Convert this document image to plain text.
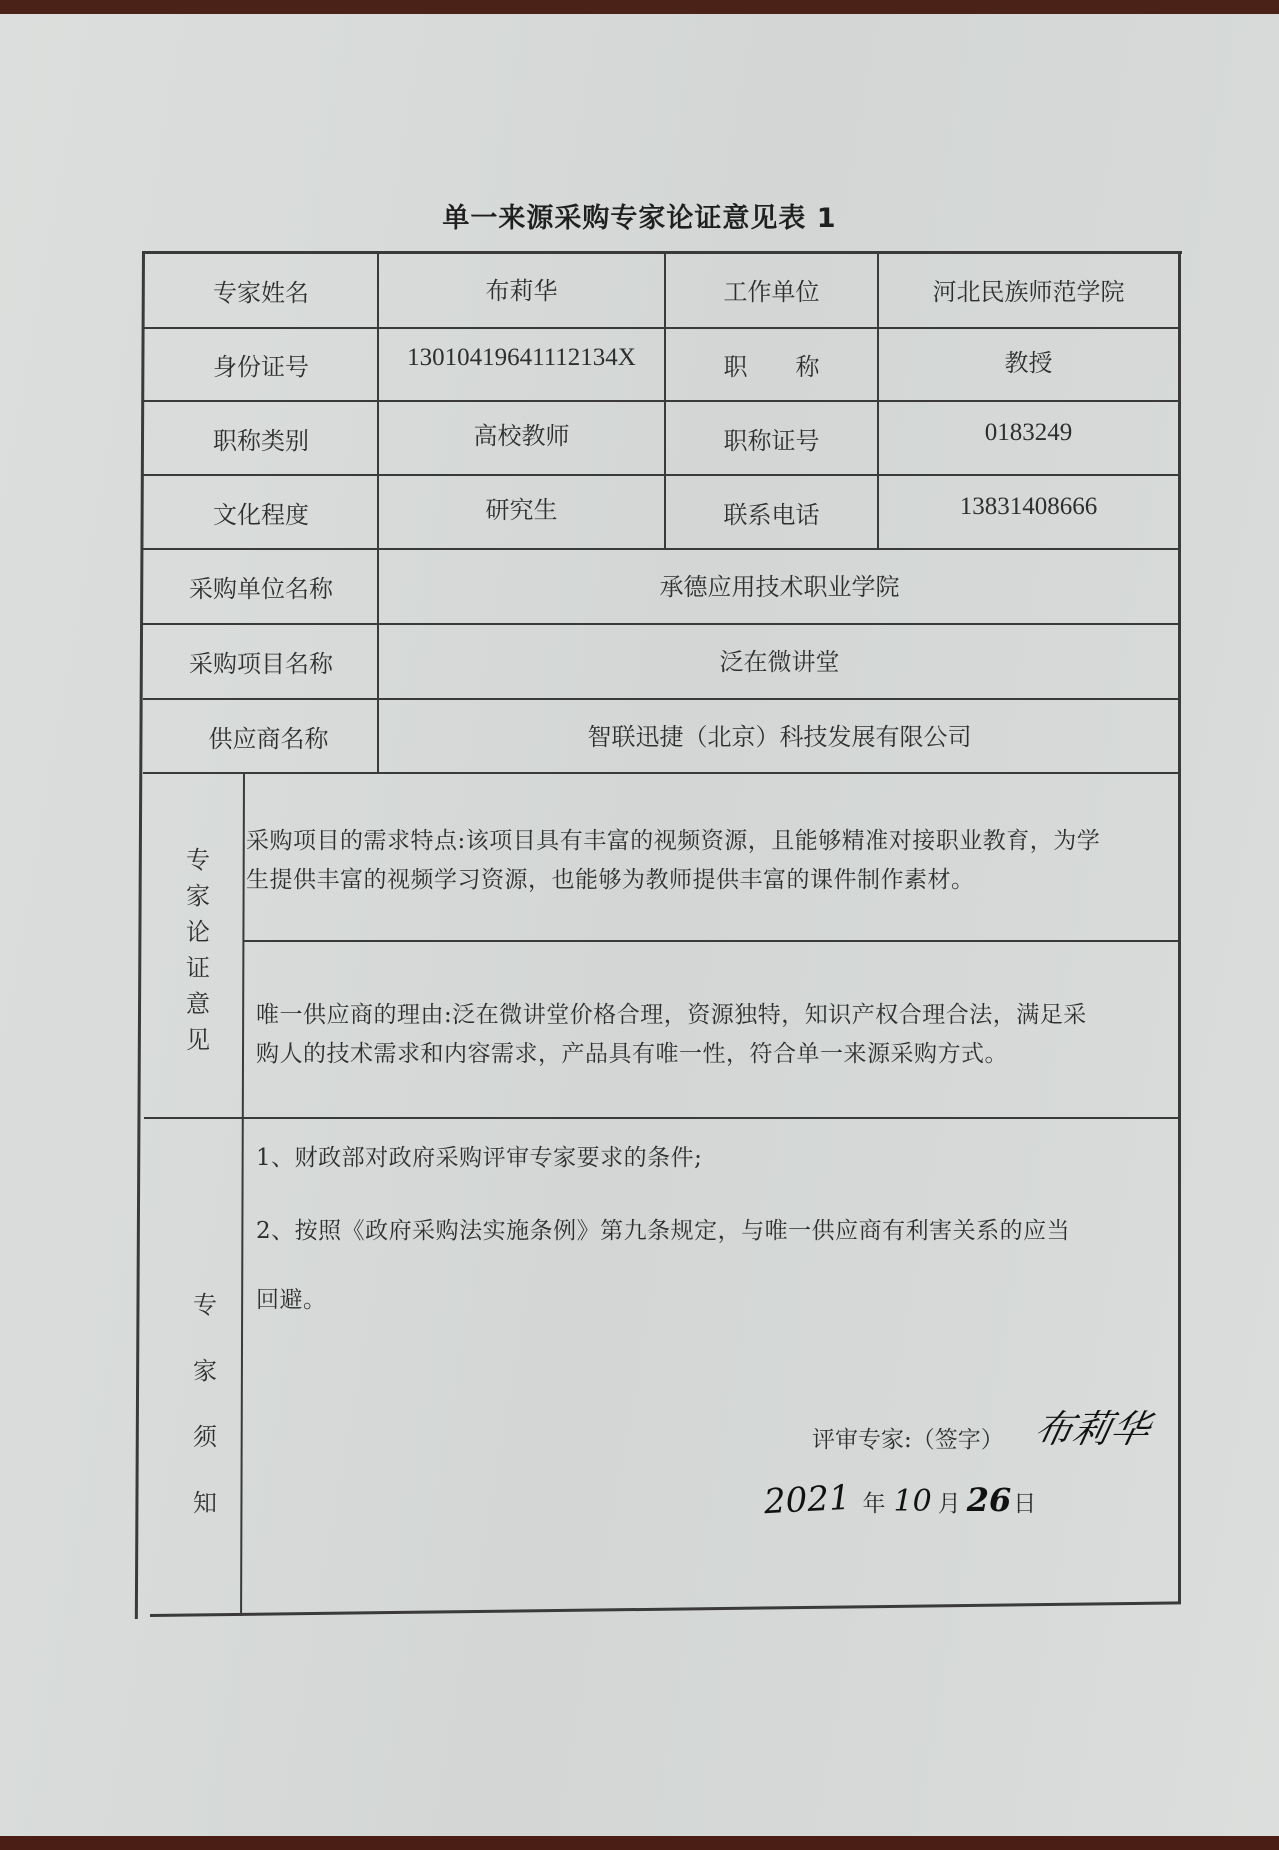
单一来源采购专家论证意见表 1
专家姓名	布莉华	工作单位	河北民族师范学院
身份证号	13010419641112134X	职　　称	教授
职称类别	高校教师	职称证号	0183249
文化程度	研究生	联系电话	13831408666
采购单位名称	承德应用技术职业学院
采购项目名称	泛在微讲堂
供应商名称	智联迅捷（北京）科技发展有限公司
专
家
论
证
意
见
采购项目的需求特点:该项目具有丰富的视频资源，且能够精准对接职业教育，为学
生提供丰富的视频学习资源，也能够为教师提供丰富的课件制作素材。
唯一供应商的理由:泛在微讲堂价格合理，资源独特，知识产权合理合法，满足采
购人的技术需求和内容需求，产品具有唯一性，符合单一来源采购方式。
专
家
须
知
1、财政部对政府采购评审专家要求的条件;
2、按照《政府采购法实施条例》第九条规定，与唯一供应商有利害关系的应当
回避。
评审专家:（签字） 布莉华
2021 年 10 月 26 日
